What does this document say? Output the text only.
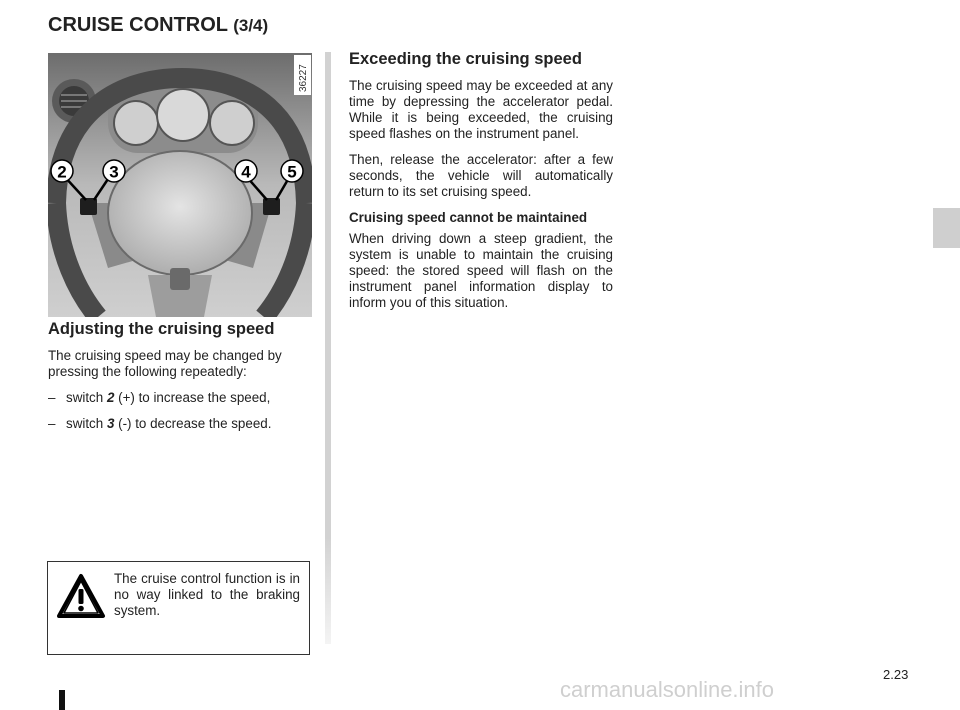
CRUISE CONTROL (3/4)
2	3	4 5
36227
Adjusting the cruising speed

The cruising speed may be changed by pressing the following repeatedly:

– switch 2 (+) to increase the speed,

– switch 3 (-) to decrease the speed.

The cruise control function is in no way linked to the braking system.

Exceeding the cruising speed

The cruising speed may be exceeded at any time by depressing the accelerator pedal. While it is being exceeded, the cruising speed flashes on the instrument panel.

Then, release the accelerator: after a few seconds, the vehicle will automatically return to its set cruising speed.

Cruising speed cannot be maintained

When driving down a steep gradient, the system is unable to maintain the cruising speed: the stored speed will flash on the instrument panel information display to inform you of this situation.

2.23

carmanualsonline.info
